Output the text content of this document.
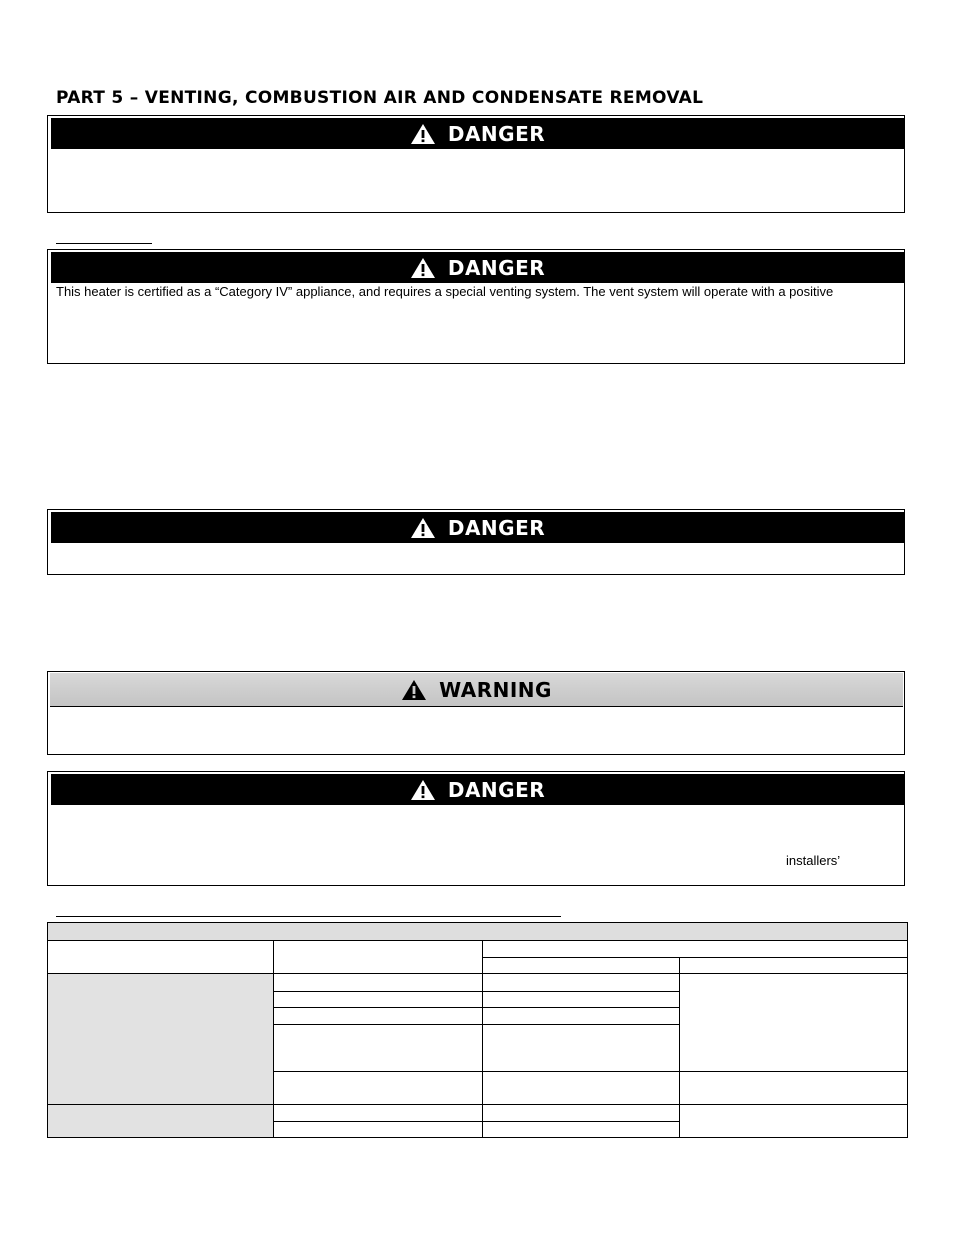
PART 5 – VENTING, COMBUSTION AIR AND CONDENSATE REMOVAL
DANGER
DANGER
This heater is certified as a “Category IV” appliance, and requires a special venting system. The vent system will operate with a positive
DANGER
WARNING
DANGER
installers’
